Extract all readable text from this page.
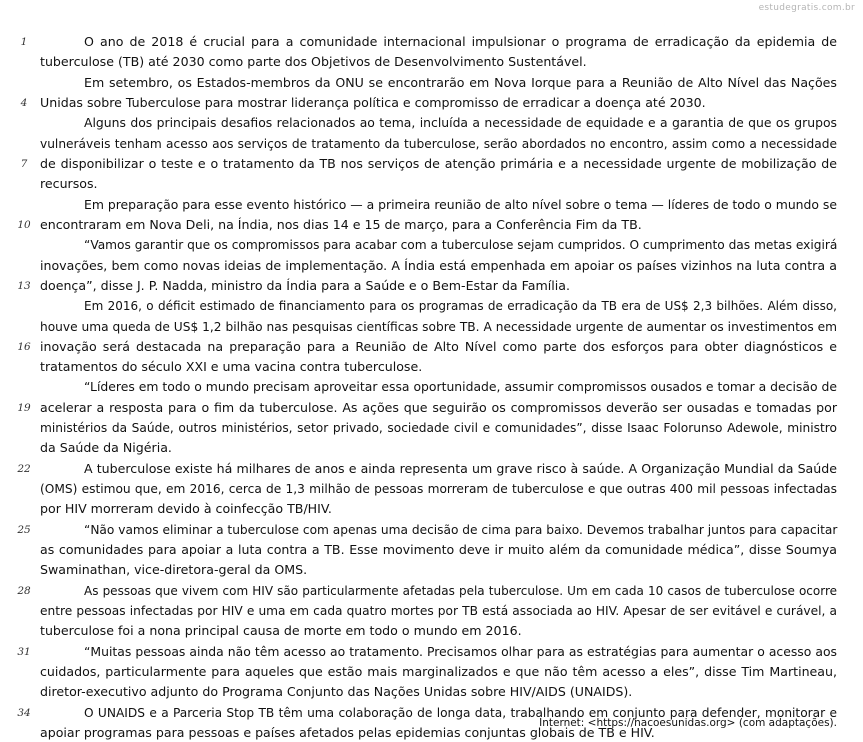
estudegratis.com.br
1	O ano de 2018 é crucial para a comunidade internacional impulsionar o programa de erradicação da epidemia de
tuberculose (TB) até 2030 como parte dos Objetivos de Desenvolvimento Sustentável.
Em setembro, os Estados-membros da ONU se encontrarão em Nova Iorque para a Reunião de Alto Nível das Nações
4	Unidas sobre Tuberculose para mostrar liderança política e compromisso de erradicar a doença até 2030.
Alguns dos principais desafios relacionados ao tema, incluída a necessidade de equidade e a garantia de que os grupos
vulneráveis tenham acesso aos serviços de tratamento da tuberculose, serão abordados no encontro, assim como a necessidade
7	de disponibilizar o teste e o tratamento da TB nos serviços de atenção primária e a necessidade urgente de mobilização de
recursos.
Em preparação para esse evento histórico — a primeira reunião de alto nível sobre o tema — líderes de todo o mundo se
10 encontraram em Nova Deli, na Índia, nos dias 14 e 15 de março, para a Conferência Fim da TB.
“Vamos garantir que os compromissos para acabar com a tuberculose sejam cumpridos. O cumprimento das metas exigirá
inovações, bem como novas ideias de implementação. A Índia está empenhada em apoiar os países vizinhos na luta contra a
13 doença”, disse J. P. Nadda, ministro da Índia para a Saúde e o Bem-Estar da Família.
Em 2016, o déficit estimado de financiamento para os programas de erradicação da TB era de US$ 2,3 bilhões. Além disso,
houve uma queda de US$ 1,2 bilhão nas pesquisas científicas sobre TB. A necessidade urgente de aumentar os investimentos em
16 inovação será destacada na preparação para a Reunião de Alto Nível como parte dos esforços para obter diagnósticos e
tratamentos do século XXI e uma vacina contra tuberculose.
“Líderes em todo o mundo precisam aproveitar essa oportunidade, assumir compromissos ousados e tomar a decisão de
19 acelerar a resposta para o fim da tuberculose. As ações que seguirão os compromissos deverão ser ousadas e tomadas por
ministérios da Saúde, outros ministérios, setor privado, sociedade civil e comunidades”, disse Isaac Folorunso Adewole, ministro
da Saúde da Nigéria.
22	A tuberculose existe há milhares de anos e ainda representa um grave risco à saúde. A Organização Mundial da Saúde
(OMS) estimou que, em 2016, cerca de 1,3 milhão de pessoas morreram de tuberculose e que outras 400 mil pessoas infectadas
por HIV morreram devido à coinfecção TB/HIV.
25	“Não vamos eliminar a tuberculose com apenas uma decisão de cima para baixo. Devemos trabalhar juntos para capacitar
as comunidades para apoiar a luta contra a TB. Esse movimento deve ir muito além da comunidade médica”, disse Soumya
Swaminathan, vice-diretora-geral da OMS.
28	As pessoas que vivem com HIV são particularmente afetadas pela tuberculose. Um em cada 10 casos de tuberculose ocorre
entre pessoas infectadas por HIV e uma em cada quatro mortes por TB está associada ao HIV. Apesar de ser evitável e curável, a
tuberculose foi a nona principal causa de morte em todo o mundo em 2016.
31	“Muitas pessoas ainda não têm acesso ao tratamento. Precisamos olhar para as estratégias para aumentar o acesso aos
cuidados, particularmente para aqueles que estão mais marginalizados e que não têm acesso a eles”, disse Tim Martineau,
diretor-executivo adjunto do Programa Conjunto das Nações Unidas sobre HIV/AIDS (UNAIDS).
34	O UNAIDS e a Parceria Stop TB têm uma colaboração de longa data, trabalhando em conjunto para defender, monitorar e
apoiar programas para pessoas e países afetados pelas epidemias conjuntas globais de TB e HIV.
Internet: <https://nacoesunidas.org> (com adaptações).
